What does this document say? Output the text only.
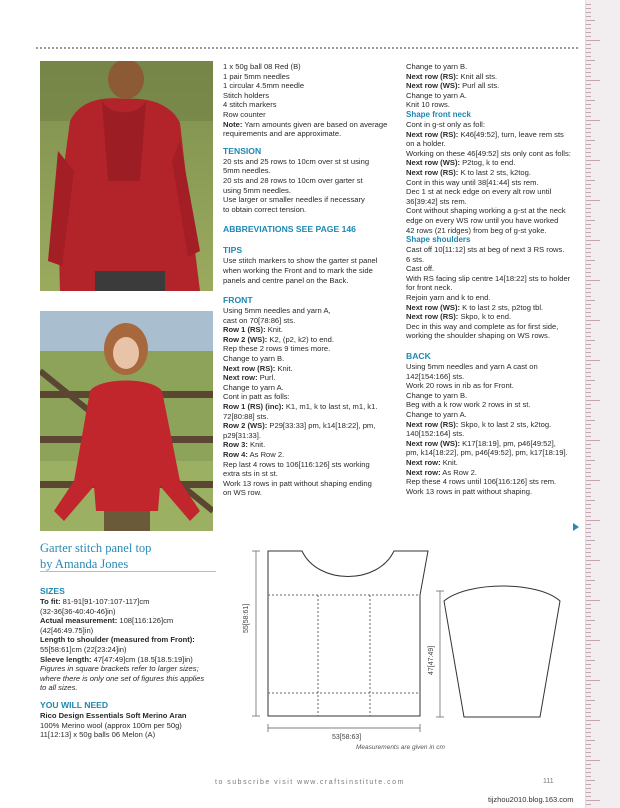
Garter stitch panel top
by Amanda Jones

SIZES

To fit: 81-91[91-107:107-117]cm

(32-36[36-40:40-46]in)

Actual measurement: 108[116:126]cm

(42[46:49.75]in)

Length to shoulder (measured from Front):

55[58:61]cm (22[23:24]in)

Sleeve length: 47[47:49]cm (18.5[18.5:19]in)

Figures in square brackets refer to larger sizes;

where there is only one set of figures this applies

to all sizes.

YOU WILL NEED

Rico Design Essentials Soft Merino Aran

100% Merino wool (approx 100m per 50g)

11[12:13] x 50g balls 06 Melon (A)

1 x 50g ball 08 Red (B)

1 pair 5mm needles

1 circular 4.5mm needle

Stitch holders

4 stitch markers

Row counter

Note: Yarn amounts given are based on average

requirements and are approximate.

TENSION

20 sts and 25 rows to 10cm over st st using

5mm needles.

20 sts and 28 rows to 10cm over garter st

using 5mm needles.

Use larger or smaller needles if necessary

to obtain correct tension.

ABBREVIATIONS SEE PAGE 146

TIPS

Use stitch markers to show the garter st panel

when working the Front and to mark the side

panels and centre panel on the Back.

FRONT

Using 5mm needles and yarn A,

cast on 70[78:86] sts.

Row 1 (RS): Knit.

Row 2 (WS): K2, (p2, k2) to end.

Rep these 2 rows 9 times more.

Change to yarn B.

Next row (RS): Knit.

Next row: Purl.

Change to yarn A.

Cont in patt as folls:

Row 1 (RS) (inc): K1, m1, k to last st, m1, k1.

72[80:88] sts.

Row 2 (WS): P29[33:33] pm, k14[18:22], pm,

p29[31:33].

Row 3: Knit.

Row 4: As Row 2.

Rep last 4 rows to 106[116:126] sts working

extra sts in st st.

Work 13 rows in patt without shaping ending

on WS row.

Change to yarn B.

Next row (RS): Knit all sts.

Next row (WS): Purl all sts.

Change to yarn A.

Knit 10 rows.

Shape front neck

Cont in g-st only as foll:

Next row (RS): K46[49:52], turn, leave rem sts

on a holder.

Working on these 46[49:52] sts only cont as folls:

Next row (WS): P2tog, k to end.

Next row (RS): K to last 2 sts, k2tog.

Cont in this way until 38[41:44] sts rem.

Dec 1 st at neck edge on every alt row until

36[39:42] sts rem.

Cont without shaping working a g-st at the neck

edge on every WS row until you have worked

42 rows (21 ridges) from beg of g-st yoke.

Shape shoulders

Cast off 10[11:12] sts at beg of next 3 RS rows.

6 sts.

Cast off.

With RS facing slip centre 14[18:22] sts to holder

for front neck.

Rejoin yarn and k to end.

Next row (WS): K to last 2 sts, p2tog tbl.

Next row (RS): Skpo, k to end.

Dec in this way and complete as for first side,

working the shoulder shaping on WS rows.

BACK

Using 5mm needles and yarn A cast on

142[154:166] sts.

Work 20 rows in rib as for Front.

Change to yarn B.

Beg with a k row work 2 rows in st st.

Change to yarn A.

Next row (RS): Skpo, k to last 2 sts, k2tog.

140[152:164] sts.

Next row (WS): K17[18:19], pm, p46[49:52],

pm, k14[18:22], pm, p46[49:52], pm, k17[18:19].

Next row: Knit.

Next row: As Row 2.

Rep these 4 rows until 106[116:126] sts rem.

Work 13 rows in patt without shaping.

55[58:61]
53[58:63]
47[47:49]
Measurements are given in cm
to subscribe visit www.craftsinstitute.com	111
tijzhou2010.blog.163.com
